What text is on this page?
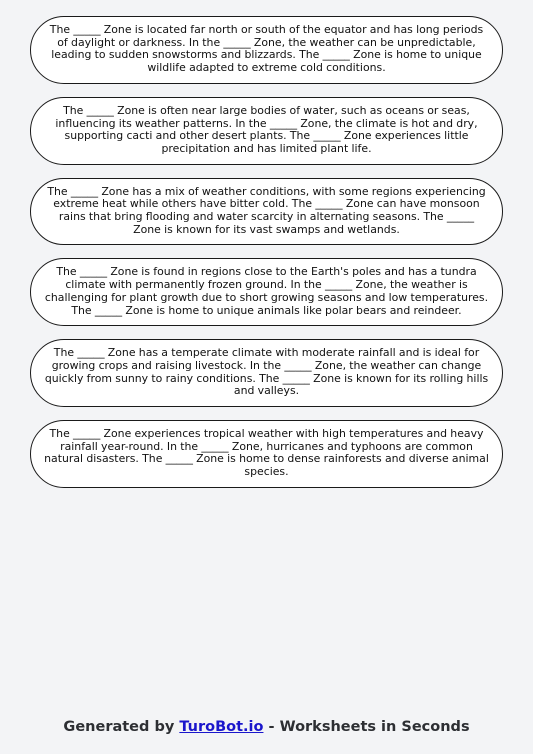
The _____ Zone is located far north or south of the equator and has long periods of daylight or darkness. In the _____ Zone, the weather can be unpredictable, leading to sudden snowstorms and blizzards. The _____ Zone is home to unique wildlife adapted to extreme cold conditions.
The _____ Zone is often near large bodies of water, such as oceans or seas, influencing its weather patterns. In the _____ Zone, the climate is hot and dry, supporting cacti and other desert plants. The _____ Zone experiences little precipitation and has limited plant life.
The _____ Zone has a mix of weather conditions, with some regions experiencing extreme heat while others have bitter cold. The _____ Zone can have monsoon rains that bring flooding and water scarcity in alternating seasons. The _____ Zone is known for its vast swamps and wetlands.
The _____ Zone is found in regions close to the Earth's poles and has a tundra climate with permanently frozen ground. In the _____ Zone, the weather is challenging for plant growth due to short growing seasons and low temperatures. The _____ Zone is home to unique animals like polar bears and reindeer.
The _____ Zone has a temperate climate with moderate rainfall and is ideal for growing crops and raising livestock. In the _____ Zone, the weather can change quickly from sunny to rainy conditions. The _____ Zone is known for its rolling hills and valleys.
The _____ Zone experiences tropical weather with high temperatures and heavy rainfall year-round. In the _____ Zone, hurricanes and typhoons are common natural disasters. The _____ Zone is home to dense rainforests and diverse animal species.
Generated by TuroBot.io - Worksheets in Seconds
